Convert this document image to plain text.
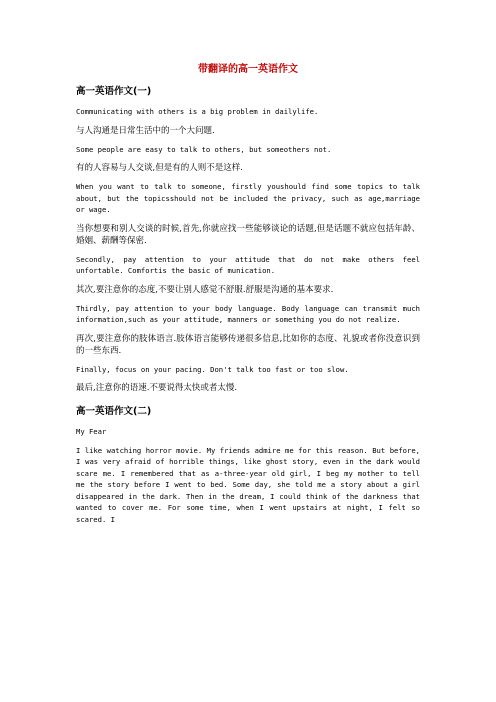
带翻译的高一英语作文
高一英语作文(一)

Communicating with others is a big problem in dailylife.

与人沟通是日常生活中的一个大问题.

Some people are easy to talk to others, but someothers not.

有的人容易与人交谈,但是有的人则不是这样.

When you want to talk to someone, firstly youshould find some topics to talk about, but the topicsshould not be included the privacy, such as age,marriage or wage.

当你想要和别人交谈的时候,首先,你就应找一些能够谈论的话题,但是话题不就应包括年龄、婚姻、薪酬等保密.

Secondly, pay attention to your attitude that do not make others feel unfortable. Comfortis the basic of munication.

其次,要注意你的态度,不要让别人感觉不舒服.舒服是沟通的基本要求.

Thirdly, pay attention to your body language. Body language can transmit much information,such as your attitude, manners or something you do not realize.

再次,要注意你的肢体语言.肢体语言能够传递很多信息,比如你的态度、礼貌或者你没意识到的一些东西.

Finally, focus on your pacing. Don't talk too fast or too slow.

最后,注意你的语速.不要说得太快或者太慢.

高一英语作文(二)

My Fear

I like watching horror movie. My friends admire me for this reason. But before, I was very afraid of horrible things, like ghost story, even in the dark would scare me. I remembered that as a-three-year old girl, I beg my mother to tell me the story before I went to bed. Some day, she told me a story about a girl disappeared in the dark. Then in the dream, I could think of the darkness that wanted to cover me. For some time, when I went upstairs at night, I felt so scared. I
